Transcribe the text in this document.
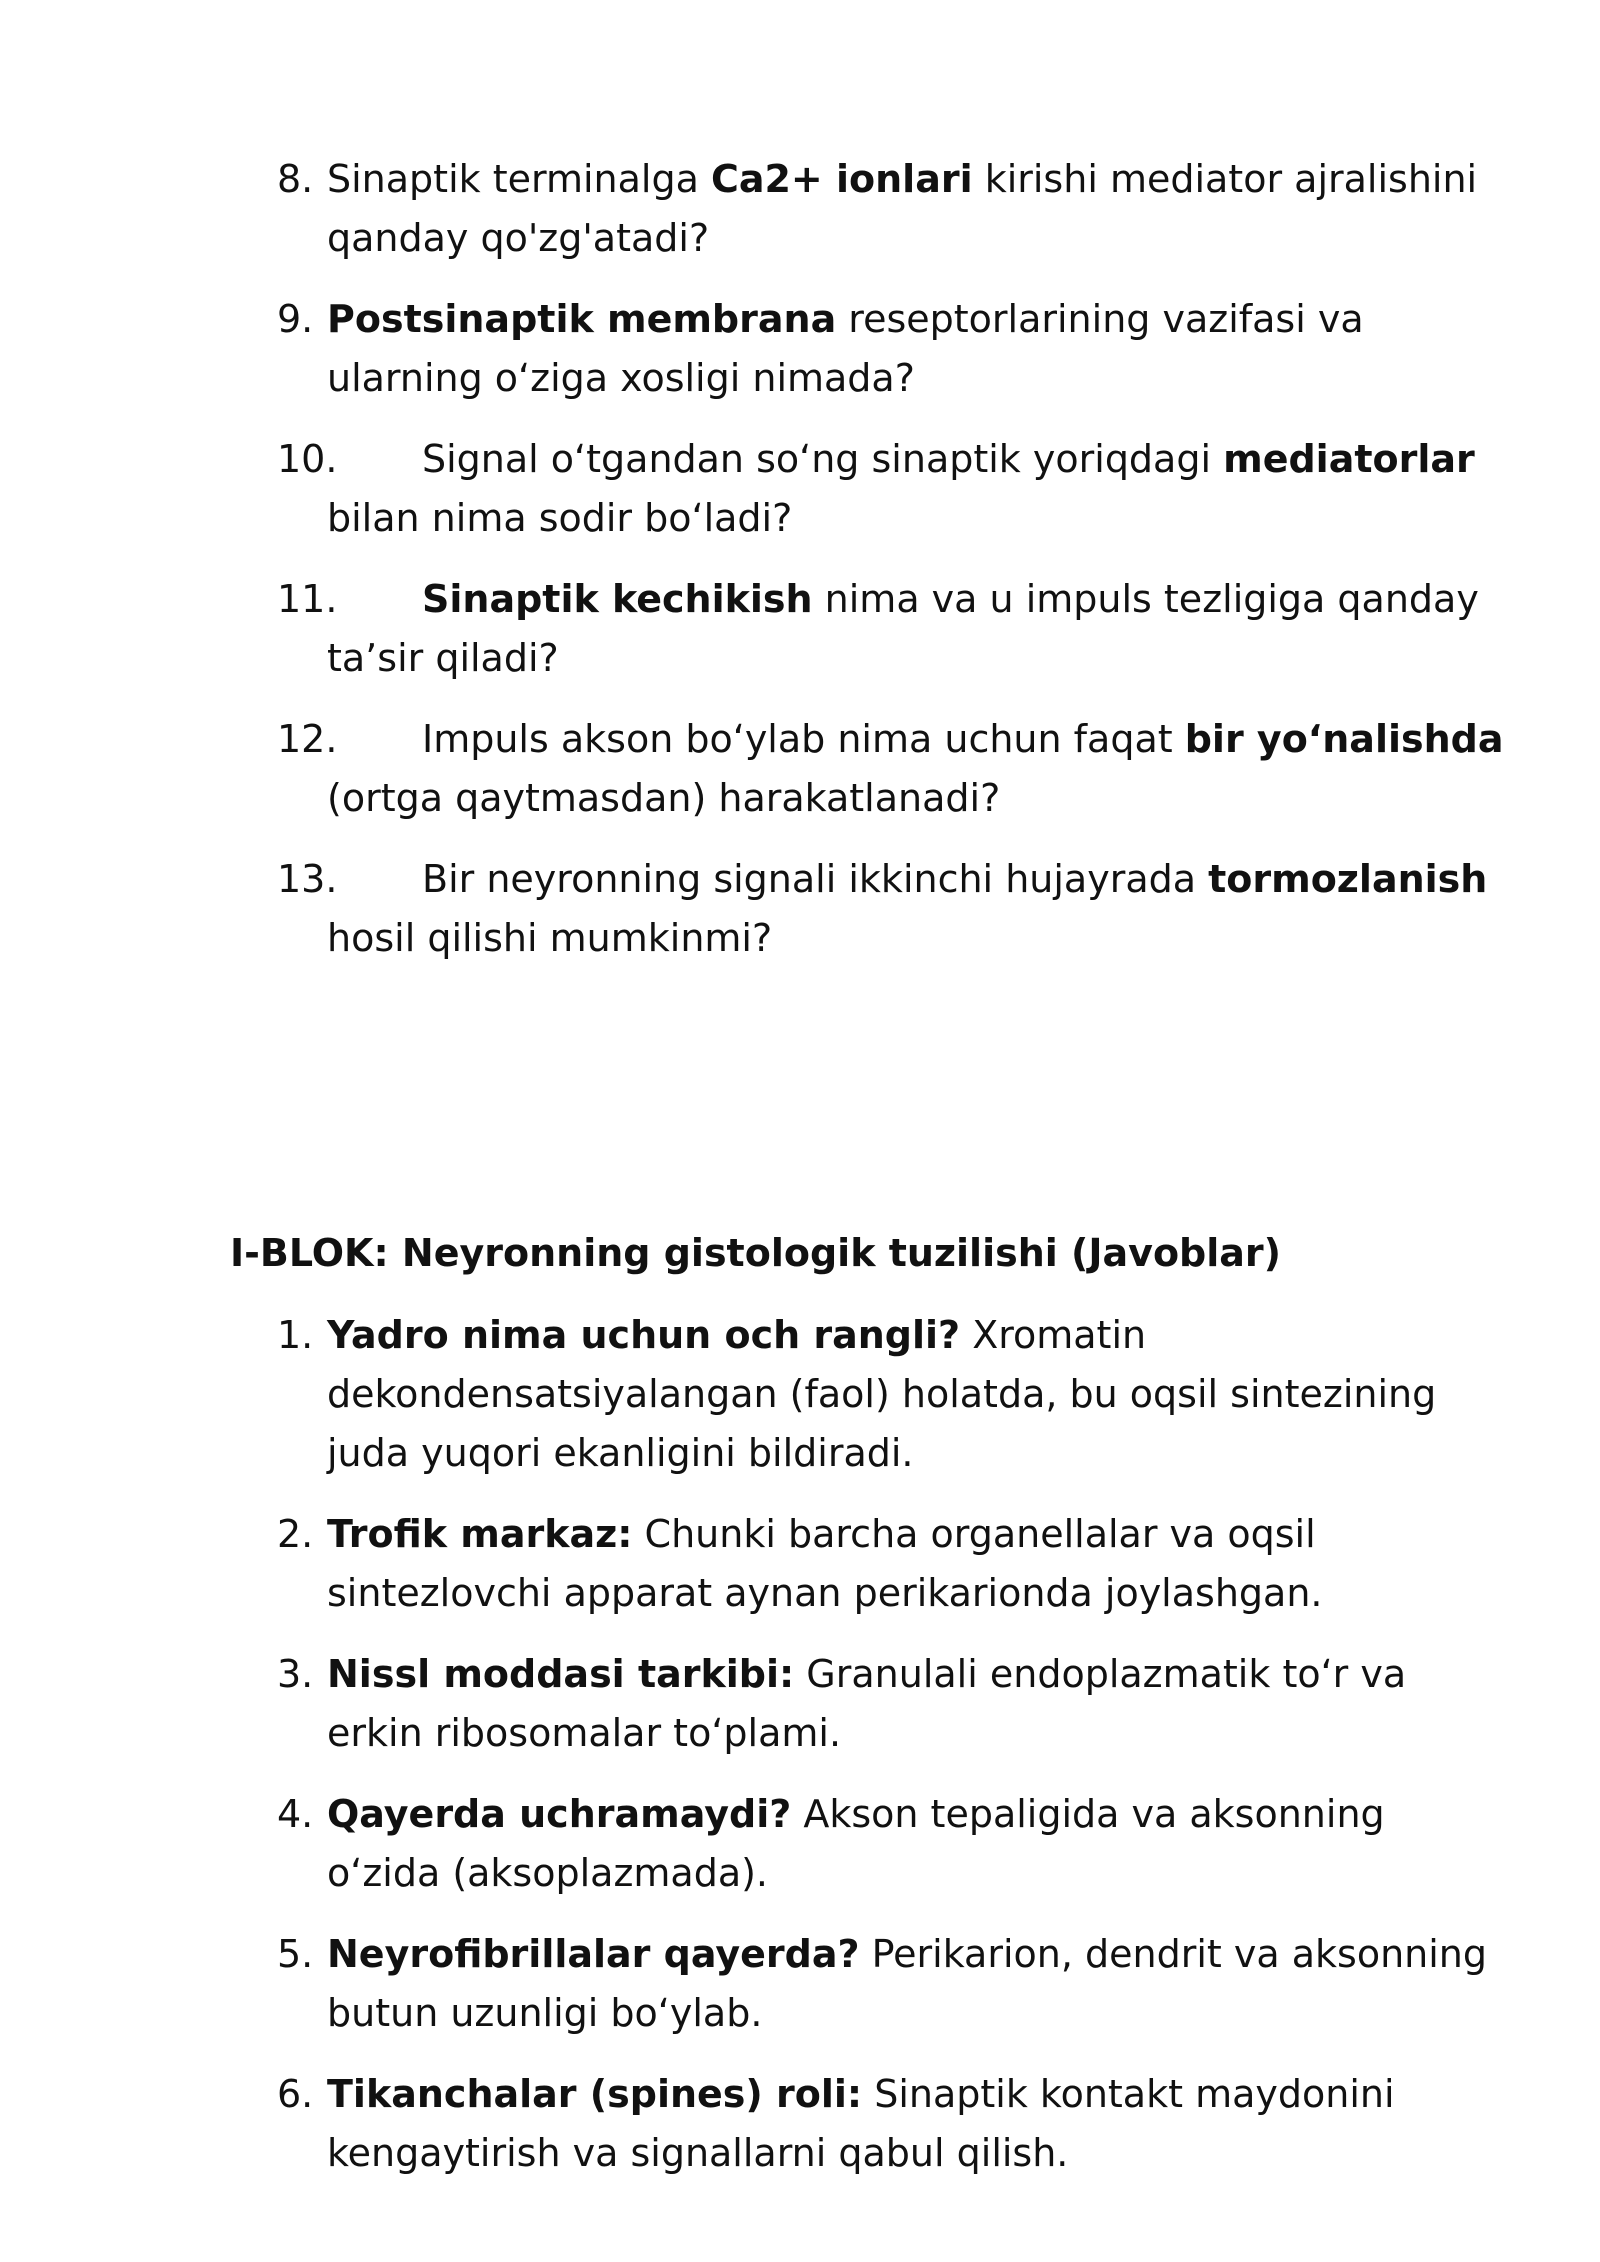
8. Sinaptik terminalga Ca2+ ionlari kirishi mediator ajralishini qanday qo'zg'atadi?
9. Postsinaptik membrana reseptorlarining vazifasi va ularning o‘ziga xosligi nimada?
10.	Signal o‘tgandan so‘ng sinaptik yoriqdagi mediatorlar bilan nima sodir bo‘ladi?
11.	Sinaptik kechikish nima va u impuls tezligiga qanday ta’sir qiladi?
12.	Impuls akson bo‘ylab nima uchun faqat bir yo‘nalishda (ortga qaytmasdan) harakatlanadi?
13.	Bir neyronning signali ikkinchi hujayrada tormozlanish hosil qilishi mumkinmi?
I-BLOK: Neyronning gistologik tuzilishi (Javoblar)
1. Yadro nima uchun och rangli? Xromatin dekondensatsiyalangan (faol) holatda, bu oqsil sintezining juda yuqori ekanligini bildiradi.
2. Trofik markaz: Chunki barcha organellalar va oqsil sintezlovchi apparat aynan perikarionda joylashgan.
3. Nissl moddasi tarkibi: Granulali endoplazmatik to‘r va erkin ribosomalar to‘plami.
4. Qayerda uchramaydi? Akson tepaligida va aksonning o‘zida (aksoplazmada).
5. Neyrofibrillalar qayerda? Perikarion, dendrit va aksonning butun uzunligi bo‘ylab.
6. Tikanchalar (spines) roli: Sinaptik kontakt maydonini kengaytirish va signallarni qabul qilish.
